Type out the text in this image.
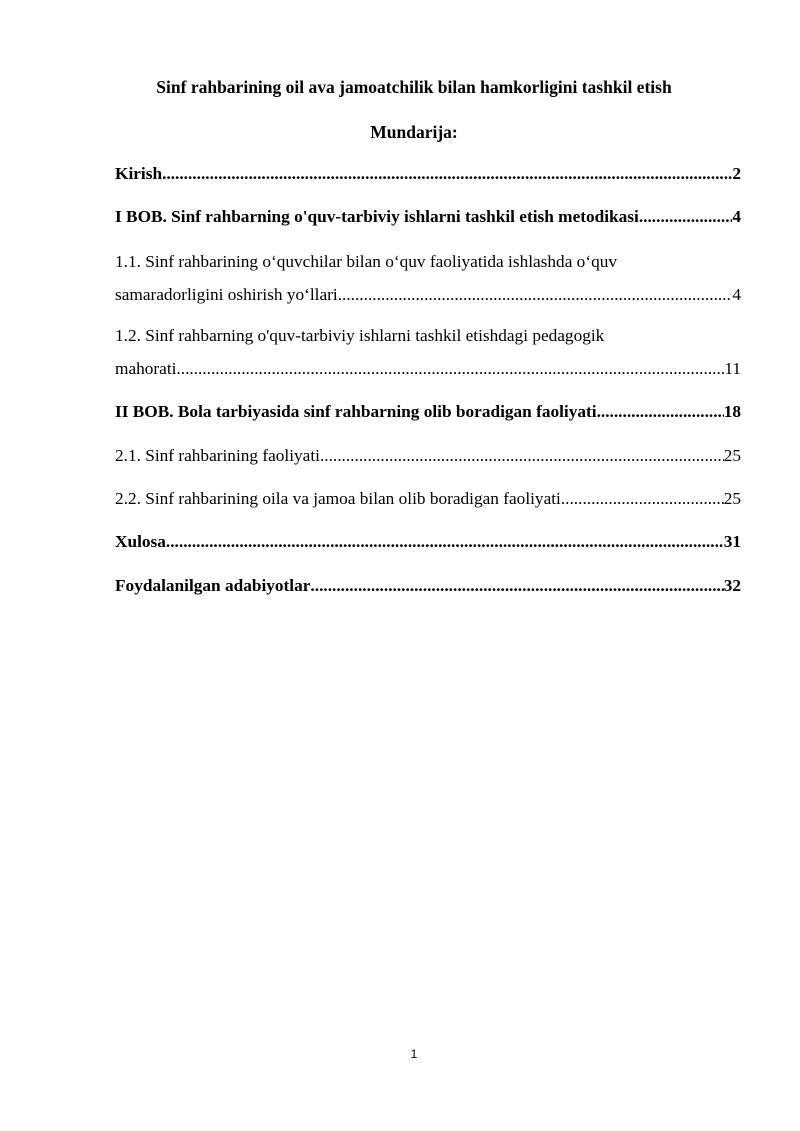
Sinf rahbarining oil ava jamoatchilik bilan hamkorligini tashkil etish
Mundarija:
Kirish .....	2
I BOB. Sinf rahbarning o'quv-tarbiviy ishlarni tashkil etish metodikasi .....	4
1.1. Sinf rahbarining o‘quvchilar bilan o‘quv faoliyatida ishlashda o‘quv
samaradorligini oshirish yo‘llari .....	4
1.2. Sinf rahbarning o'quv-tarbiviy ishlarni tashkil etishdagi pedagogik
mahorati .....	11
II BOB. Bola tarbiyasida sinf rahbarning olib boradigan faoliyati .....	18
2.1. Sinf rahbarining faoliyati .....	25
2.2. Sinf rahbarining oila va jamoa bilan olib boradigan faoliyati .....	25
Xulosa .....	31
Foydalanilgan adabiyotlar .....	32
1
